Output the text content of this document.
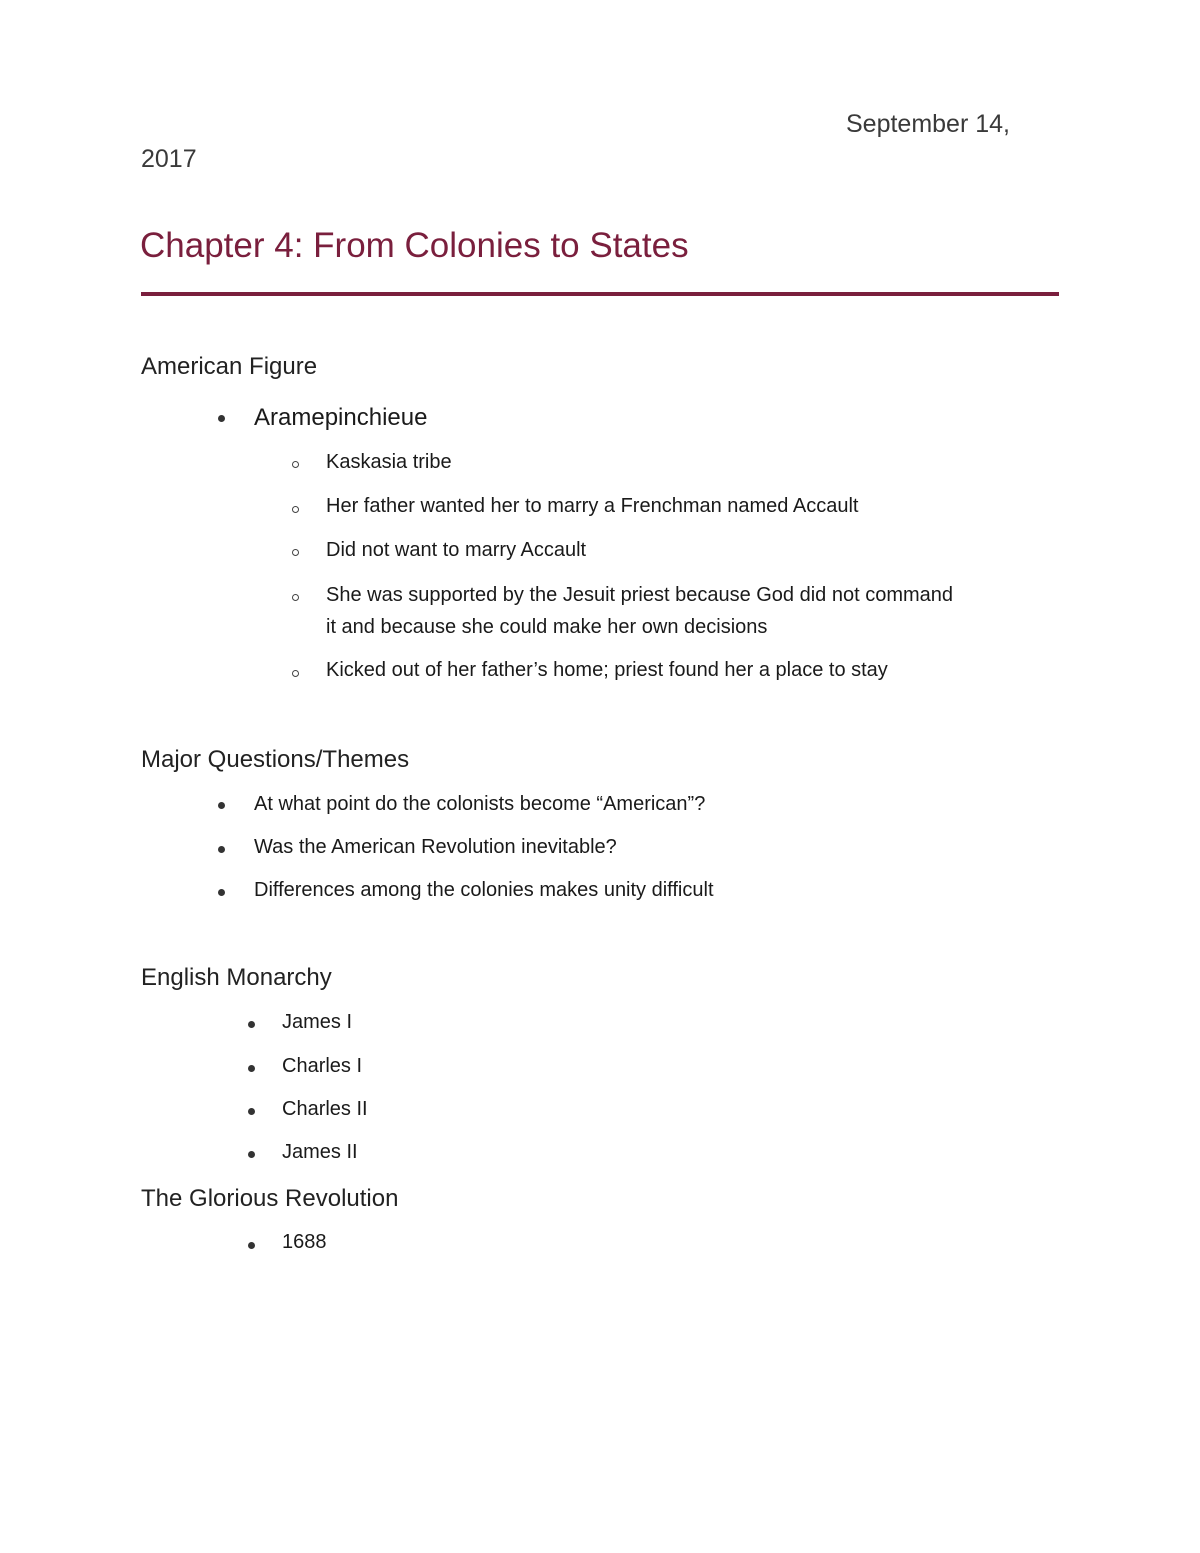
September 14,
2017
Chapter 4: From Colonies to States
American Figure
Aramepinchieue
Kaskasia tribe
Her father wanted her to marry a Frenchman named Accault
Did not want to marry Accault
She was supported by the Jesuit priest because God did not command
it and because she could make her own decisions
Kicked out of her father’s home; priest found her a place to stay
Major Questions/Themes
At what point do the colonists become “American”?
Was the American Revolution inevitable?
Differences among the colonies makes unity difficult
English Monarchy
James I
Charles I
Charles II
James II
The Glorious Revolution
1688
